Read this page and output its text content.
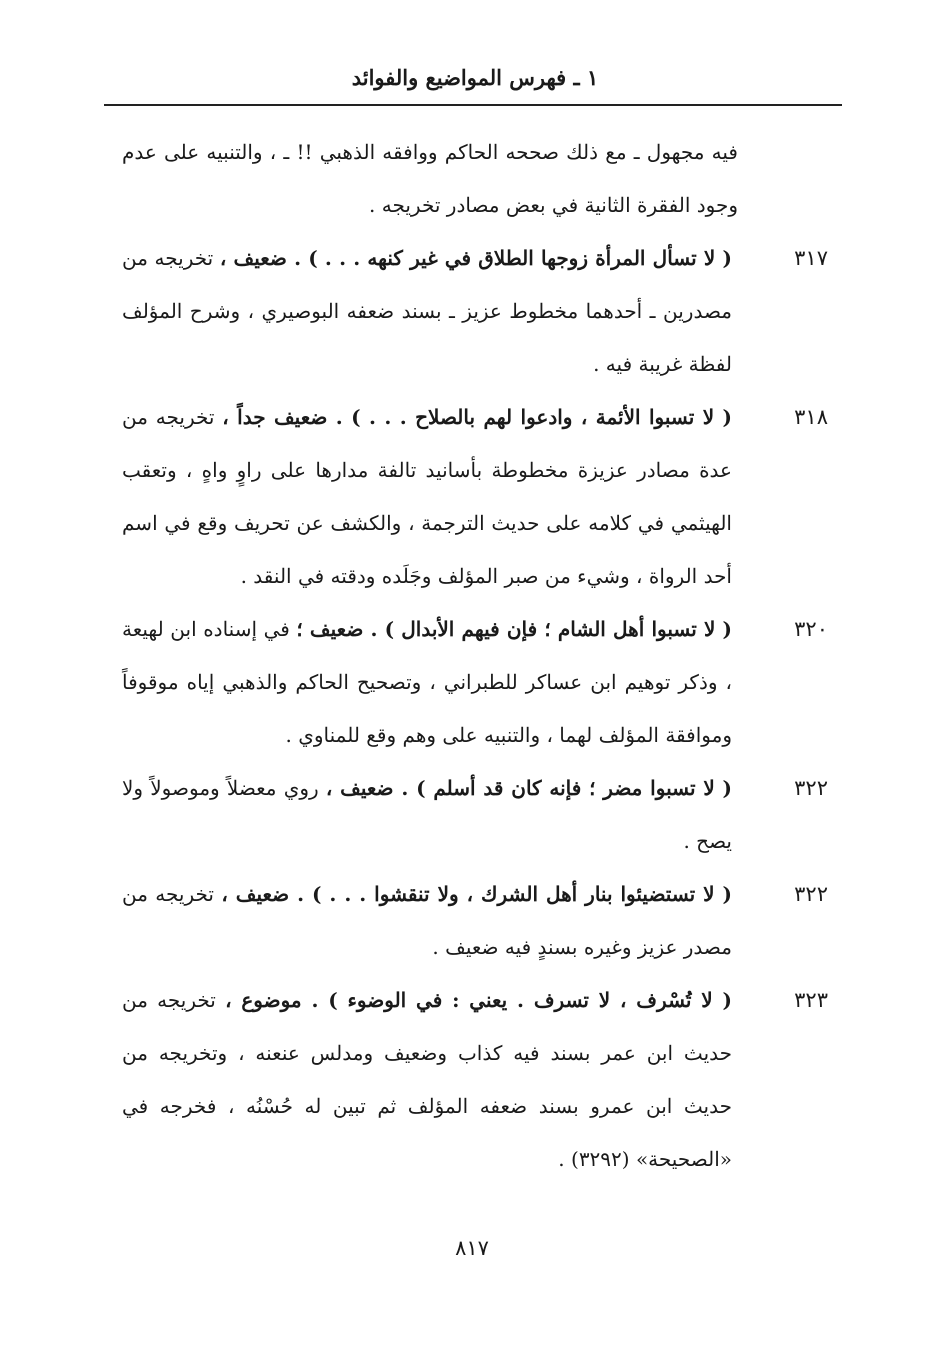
١ ـ فهرس المواضيع والفوائد
فيه مجهول ـ مع ذلك صححه الحاكم ووافقه الذهبي !! ـ ، والتنبيه على عدم وجود الفقرة الثانية في بعض مصادر تخريجه .
٣١٧
( لا تسأل المرأة زوجها الطلاق في غير كنهه . . . ) . ضعيف ، تخريجه من مصدرين ـ أحدهما مخطوط عزيز ـ بسند ضعفه البوصيري ، وشرح المؤلف لفظة غريبة فيه .
٣١٨
( لا تسبوا الأئمة ، وادعوا لهم بالصلاح . . . ) . ضعيف جداً ، تخريجه من عدة مصادر عزيزة مخطوطة بأسانيد تالفة مدارها على راوٍ واهٍ ، وتعقب الهيثمي في كلامه على حديث الترجمة ، والكشف عن تحريف وقع في اسم أحد الرواة ، وشيء من صبر المؤلف وجَلَده ودقته في النقد .
٣٢٠
( لا تسبوا أهل الشام ؛ فإن فيهم الأبدال ) . ضعيف ؛ في إسناده ابن لهيعة ، وذكر توهيم ابن عساكر للطبراني ، وتصحيح الحاكم والذهبي إياه موقوفاً وموافقة المؤلف لهما ، والتنبيه على وهم وقع للمناوي .
٣٢٢
( لا تسبوا مضر ؛ فإنه كان قد أسلم ) . ضعيف ، روي معضلاً وموصولاً ولا يصح .
٣٢٢
( لا تستضيئوا بنار أهل الشرك ، ولا تنقشوا . . . ) . ضعيف ، تخريجه من مصدر عزيز وغيره بسندٍ فيه ضعيف .
٣٢٣
( لا تُسْرف ، لا تسرف . يعني : في الوضوء ) . موضوع ، تخريجه من حديث ابن عمر بسند فيه كذاب وضعيف ومدلس عنعنه ، وتخريجه من حديث ابن عمرو بسند ضعفه المؤلف ثم تبين له حُسْنُه ، فخرجه في «الصحيحة» (٣٢٩٢) .
٨١٧
